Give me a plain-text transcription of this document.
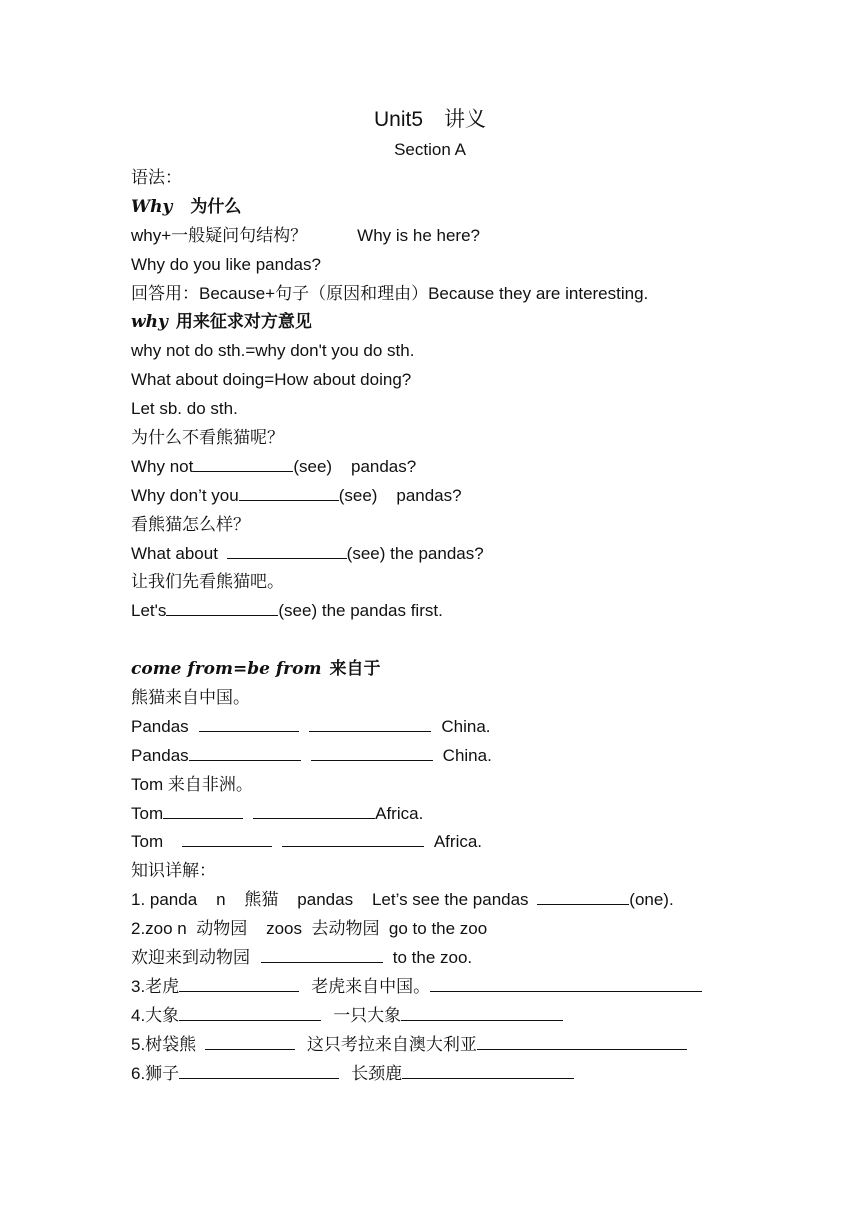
Unit5　讲义
Section A
语法：
Why 为什么
why+一般疑问句结构？	Why is he here?
Why do you like pandas?
回答用：Because+句子（原因和理由）Because they are interesting.
why 用来征求对方意见
why not do sth.=why don't you do sth.
What about doing=How about doing?
Let sb. do sth.
为什么不看熊猫呢？
Why not	(see)    pandas?
Why don’t you	(see)    pandas?
看熊猫怎么样？
What about	(see) the pandas?
让我们先看熊猫吧。
Let's	(see) the pandas first.
come from=be from 来自于
熊猫来自中国。
Pandas	China.
Pandas	China.
Tom 来自非洲。
Tom	Africa.
Tom	Africa.
知识详解：
1. panda    n    熊猫    pandas    Let’s see the pandas	(one).
2.zoo n  动物园    zoos  去动物园  go to the zoo
欢迎来到动物园	to the zoo.
3.老虎	老虎来自中国。
4.大象	一只大象
5.树袋熊	这只考拉来自澳大利亚
6.狮子	长颈鹿
